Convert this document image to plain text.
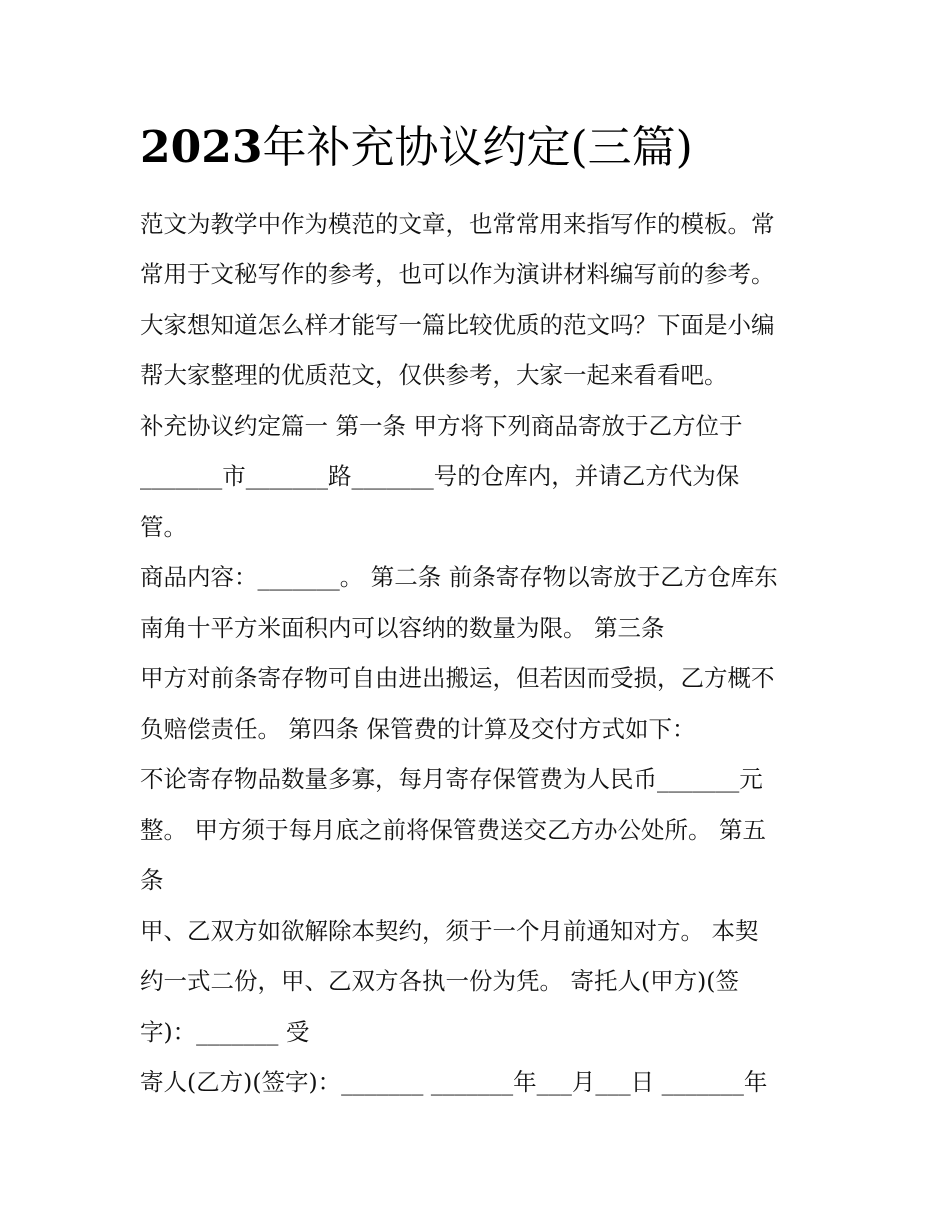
2023年补充协议约定(三篇)
范文为教学中作为模范的文章，也常常用来指写作的模板。常
常用于文秘写作的参考，也可以作为演讲材料编写前的参考。
大家想知道怎么样才能写一篇比较优质的范文吗？下面是小编
帮大家整理的优质范文，仅供参考，大家一起来看看吧。
补充协议约定篇一 第一条 甲方将下列商品寄放于乙方位于
_______市_______路_______号的仓库内，并请乙方代为保
管。
商品内容：_______。 第二条 前条寄存物以寄放于乙方仓库东
南角十平方米面积内可以容纳的数量为限。 第三条
甲方对前条寄存物可自由进出搬运，但若因而受损，乙方概不
负赔偿责任。 第四条 保管费的计算及交付方式如下：
不论寄存物品数量多寡，每月寄存保管费为人民币_______元
整。 甲方须于每月底之前将保管费送交乙方办公处所。 第五
条
甲、乙双方如欲解除本契约，须于一个月前通知对方。 本契
约一式二份，甲、乙双方各执一份为凭。 寄托人(甲方)(签
字)：_______ 受
寄人(乙方)(签字)：_______ _______年___月___日 _______年
